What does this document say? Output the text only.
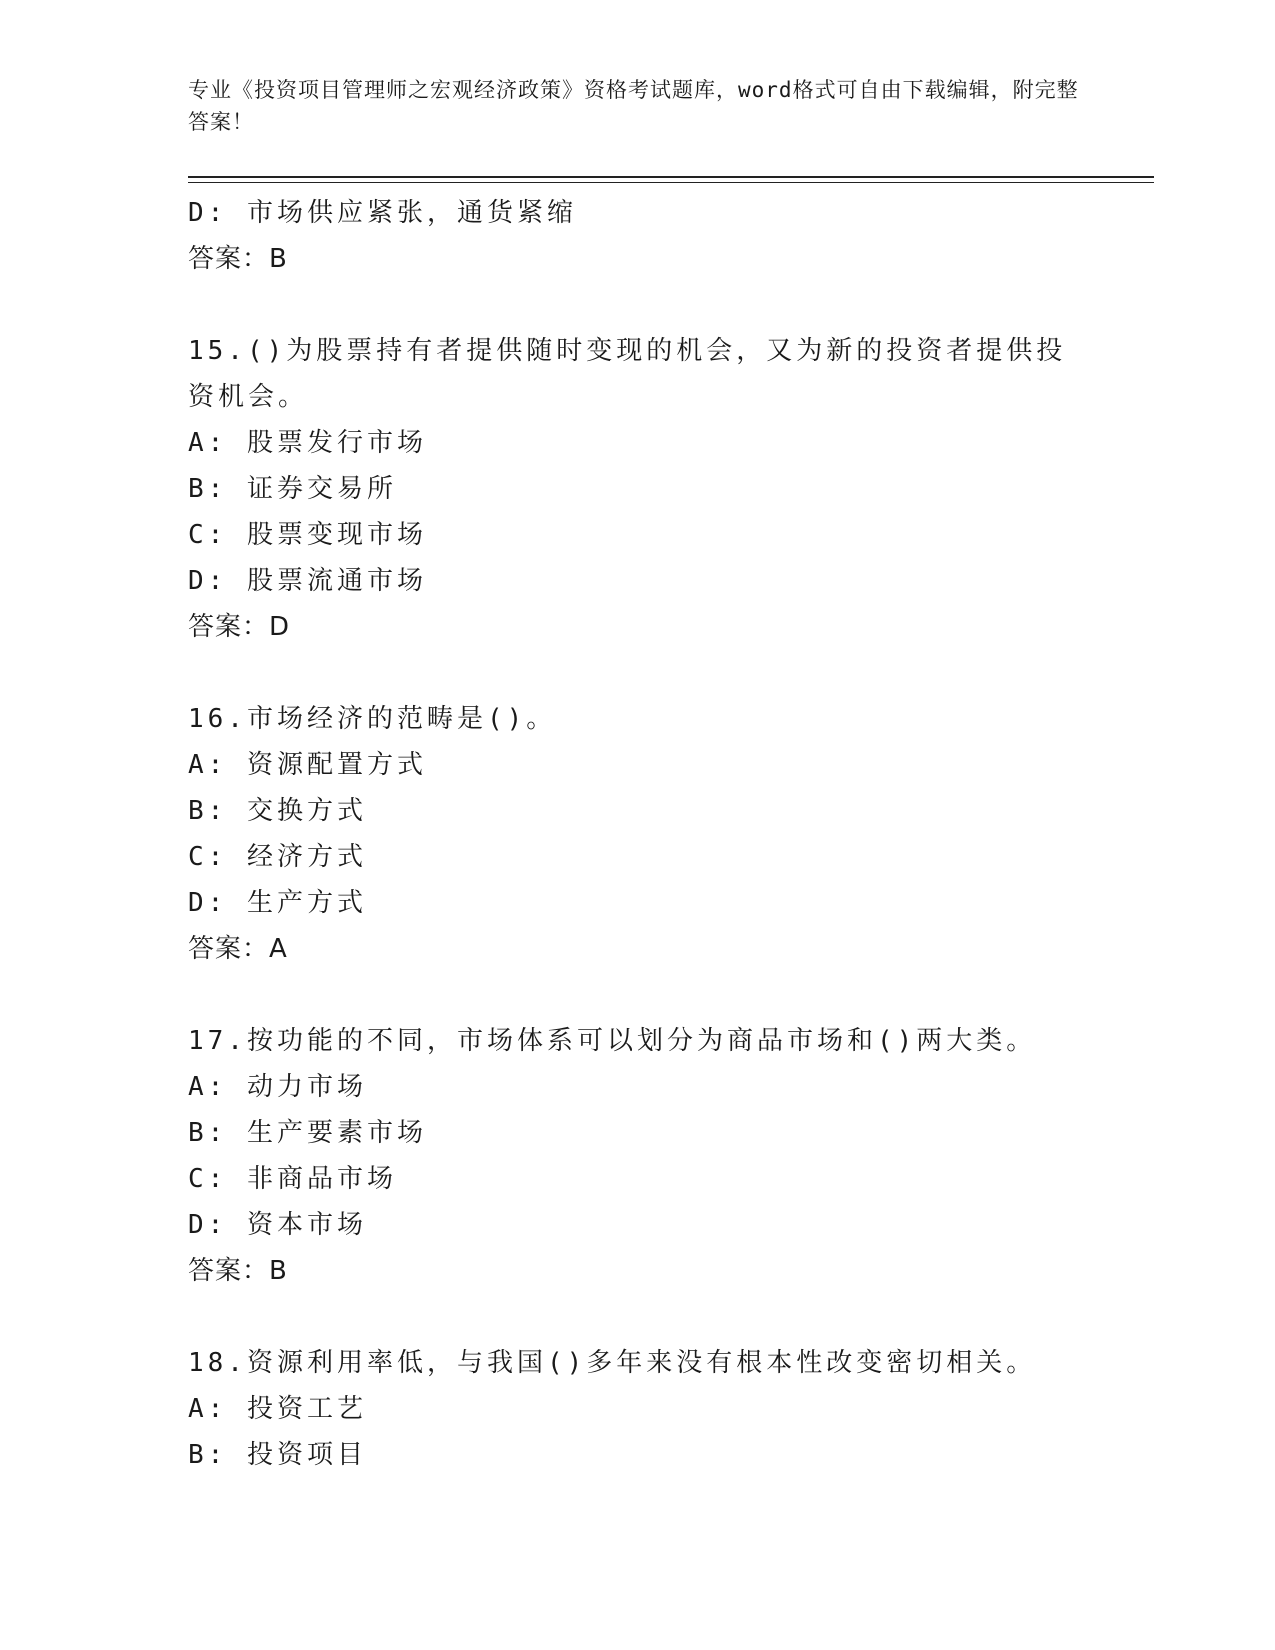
专业《投资项目管理师之宏观经济政策》资格考试题库，word格式可自由下载编辑，附完整答案！
D: 市场供应紧张，通货紧缩
答案：B
15.()为股票持有者提供随时变现的机会，又为新的投资者提供投资机会。
A: 股票发行市场
B: 证券交易所
C: 股票变现市场
D: 股票流通市场
答案：D
16.市场经济的范畴是()。
A: 资源配置方式
B: 交换方式
C: 经济方式
D: 生产方式
答案：A
17.按功能的不同，市场体系可以划分为商品市场和()两大类。
A: 动力市场
B: 生产要素市场
C: 非商品市场
D: 资本市场
答案：B
18.资源利用率低，与我国()多年来没有根本性改变密切相关。
A: 投资工艺
B: 投资项目
